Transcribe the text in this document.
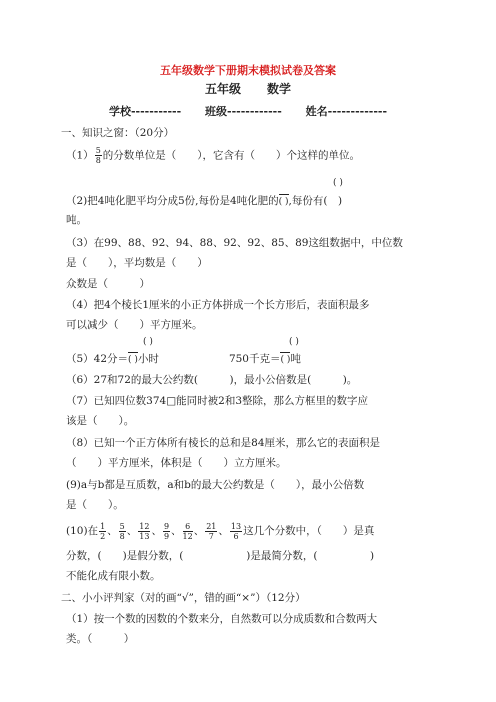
五年级数学下册期末模拟试卷及答案
五年级 数学
学校----------- 班级------------ 姓名-------------
一、知识之窗：（20分）
$(1) \frac{5}{8}$ 的分数单位是（　　），它含有（　　）个这样的单位。
( )
（2)把4吨化肥平均分成5份,每份是4吨化肥的( ),每份有(　)
吨。
（3）在99、88、92、94、88、92、92、85、89这组数据中，中位数
是（　　），平均数是（　　）
众数是（　　　）
（4）把4个棱长1厘米的小正方体拼成一个长方形后，表面积最多
可以减少（　　）平方厘米。
( )	( )
（5）42分＝( )小时	750千克＝( )吨
（6）27和72的最大公约数(　　　)，最小公倍数是(　　　)。
（7）已知四位数374□能同时被2和3整除，那么方框里的数字应
该是（　　）。
（8）已知一个正方体所有棱长的总和是84厘米，那么它的表面积是
（　　）平方厘米，体积是（　　）立方厘米。
(9)a与b都是互质数，a和b的最大公约数是（　　），最小公倍数
是（　　）。
(10)在 $\frac{1}{2}$ 、 $\frac{5}{8}$ 、 $\frac{12}{13}$ 、 $\frac{9}{9}$ 、 $\frac{6}{12}$ 、 $\frac{21}{7}$ 、 $\frac{13}{6}$ 这几个分数中，（　　）是真
分数，(　　)是假分数，(　　　　　　)是最简分数，(　　　　　)
不能化成有限小数。
二、小小评判家（对的画“√”，错的画“×”）（12分）
（1）按一个数的因数的个数来分，自然数可以分成质数和合数两大
类。（　　　）
